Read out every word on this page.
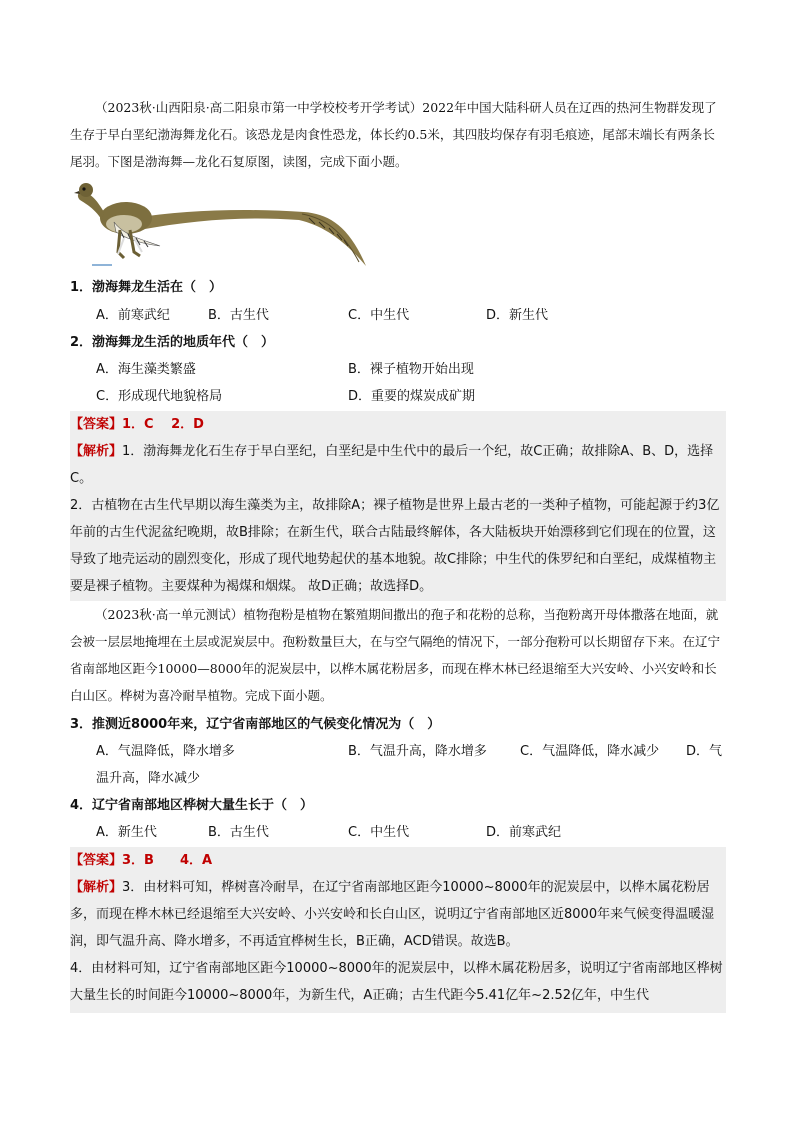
（2023秋·山西阳泉·高二阳泉市第一中学校校考开学考试）2022年中国大陆科研人员在辽西的热河生物群发现了生存于早白垩纪渤海舞龙化石。该恐龙是肉食性恐龙，体长约0.5米，其四肢均保存有羽毛痕迹，尾部末端长有两条长尾羽。下图是渤海舞—龙化石复原图，读图，完成下面小题。

1．渤海舞龙生活在（　）
A．前寒武纪	B．古生代	C．中生代	D．新生代
2．渤海舞龙生活的地质年代（　）
A．海生藻类繁盛	B．裸子植物开始出现
C．形成现代地貌格局	D．重要的煤炭成矿期
【答案】1．C　 2．D
【解析】1．渤海舞龙化石生存于早白垩纪，白垩纪是中生代中的最后一个纪，故C正确；故排除A、B、D，选择C。
2．古植物在古生代早期以海生藻类为主，故排除A；裸子植物是世界上最古老的一类种子植物，可能起源于约3亿年前的古生代泥盆纪晚期，故B排除；在新生代，联合古陆最终解体，各大陆板块开始漂移到它们现在的位置，这导致了地壳运动的剧烈变化，形成了现代地势起伏的基本地貌。故C排除；中生代的侏罗纪和白垩纪，成煤植物主要是裸子植物。主要煤种为褐煤和烟煤。 故D正确；故选择D。

（2023秋·高一单元测试）植物孢粉是植物在繁殖期间撒出的孢子和花粉的总称，当孢粉离开母体撒落在地面，就会被一层层地掩埋在土层或泥炭层中。孢粉数量巨大，在与空气隔绝的情况下，一部分孢粉可以长期留存下来。在辽宁省南部地区距今10000—8000年的泥炭层中，以桦木属花粉居多，而现在桦木林已经退缩至大兴安岭、小兴安岭和长白山区。桦树为喜冷耐旱植物。完成下面小题。

3．推测近8000年来，辽宁省南部地区的气候变化情况为（　）
A．气温降低，降水增多	B．气温升高，降水增多	C．气温降低，降水减少 D．气
温升高，降水减少
4．辽宁省南部地区桦树大量生长于（　）
A．新生代	B．古生代	C．中生代	D．前寒武纪
【答案】3．B　　4．A
【解析】3．由材料可知，桦树喜冷耐旱，在辽宁省南部地区距今10000~8000年的泥炭层中，以桦木属花粉居多，而现在桦木林已经退缩至大兴安岭、小兴安岭和长白山区，说明辽宁省南部地区近8000年来气候变得温暖湿润，即气温升高、降水增多，不再适宜桦树生长，B正确，ACD错误。故选B。
4．由材料可知，辽宁省南部地区距今10000~8000年的泥炭层中，以桦木属花粉居多，说明辽宁省南部地区桦树大量生长的时间距今10000~8000年，为新生代，A正确；古生代距今5.41亿年~2.52亿年，中生代
